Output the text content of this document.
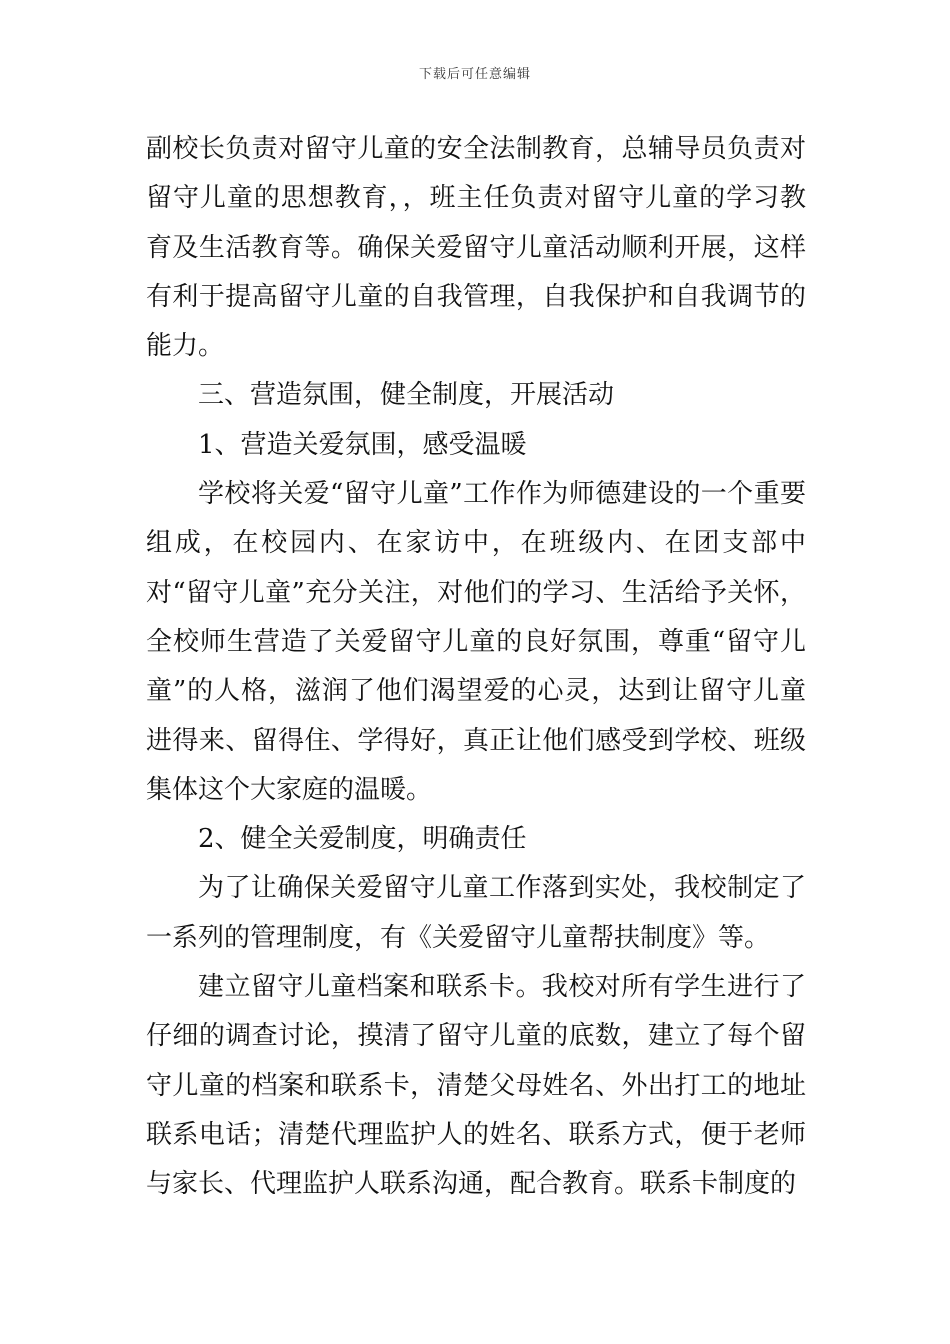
下载后可任意编辑

副校长负责对留守儿童的安全法制教育，总辅导员负责对留守儿童的思想教育，，班主任负责对留守儿童的学习教育及生活教育等。确保关爱留守儿童活动顺利开展，这样有利于提高留守儿童的自我管理，自我保护和自我调节的能力。

三、营造氛围，健全制度，开展活动

1、营造关爱氛围，感受温暖

学校将关爱“留守儿童”工作作为师德建设的一个重要组成，在校园内、在家访中，在班级内、在团支部中对“留守儿童”充分关注，对他们的学习、生活给予关怀，全校师生营造了关爱留守儿童的良好氛围，尊重“留守儿童”的人格，滋润了他们渴望爱的心灵，达到让留守儿童进得来、留得住、学得好，真正让他们感受到学校、班级集体这个大家庭的温暖。

2、健全关爱制度，明确责任

为了让确保关爱留守儿童工作落到实处，我校制定了一系列的管理制度，有《关爱留守儿童帮扶制度》等。

建立留守儿童档案和联系卡。我校对所有学生进行了仔细的调查讨论，摸清了留守儿童的底数，建立了每个留守儿童的档案和联系卡，清楚父母姓名、外出打工的地址联系电话；清楚代理监护人的姓名、联系方式，便于老师与家长、代理监护人联系沟通，配合教育。联系卡制度的
